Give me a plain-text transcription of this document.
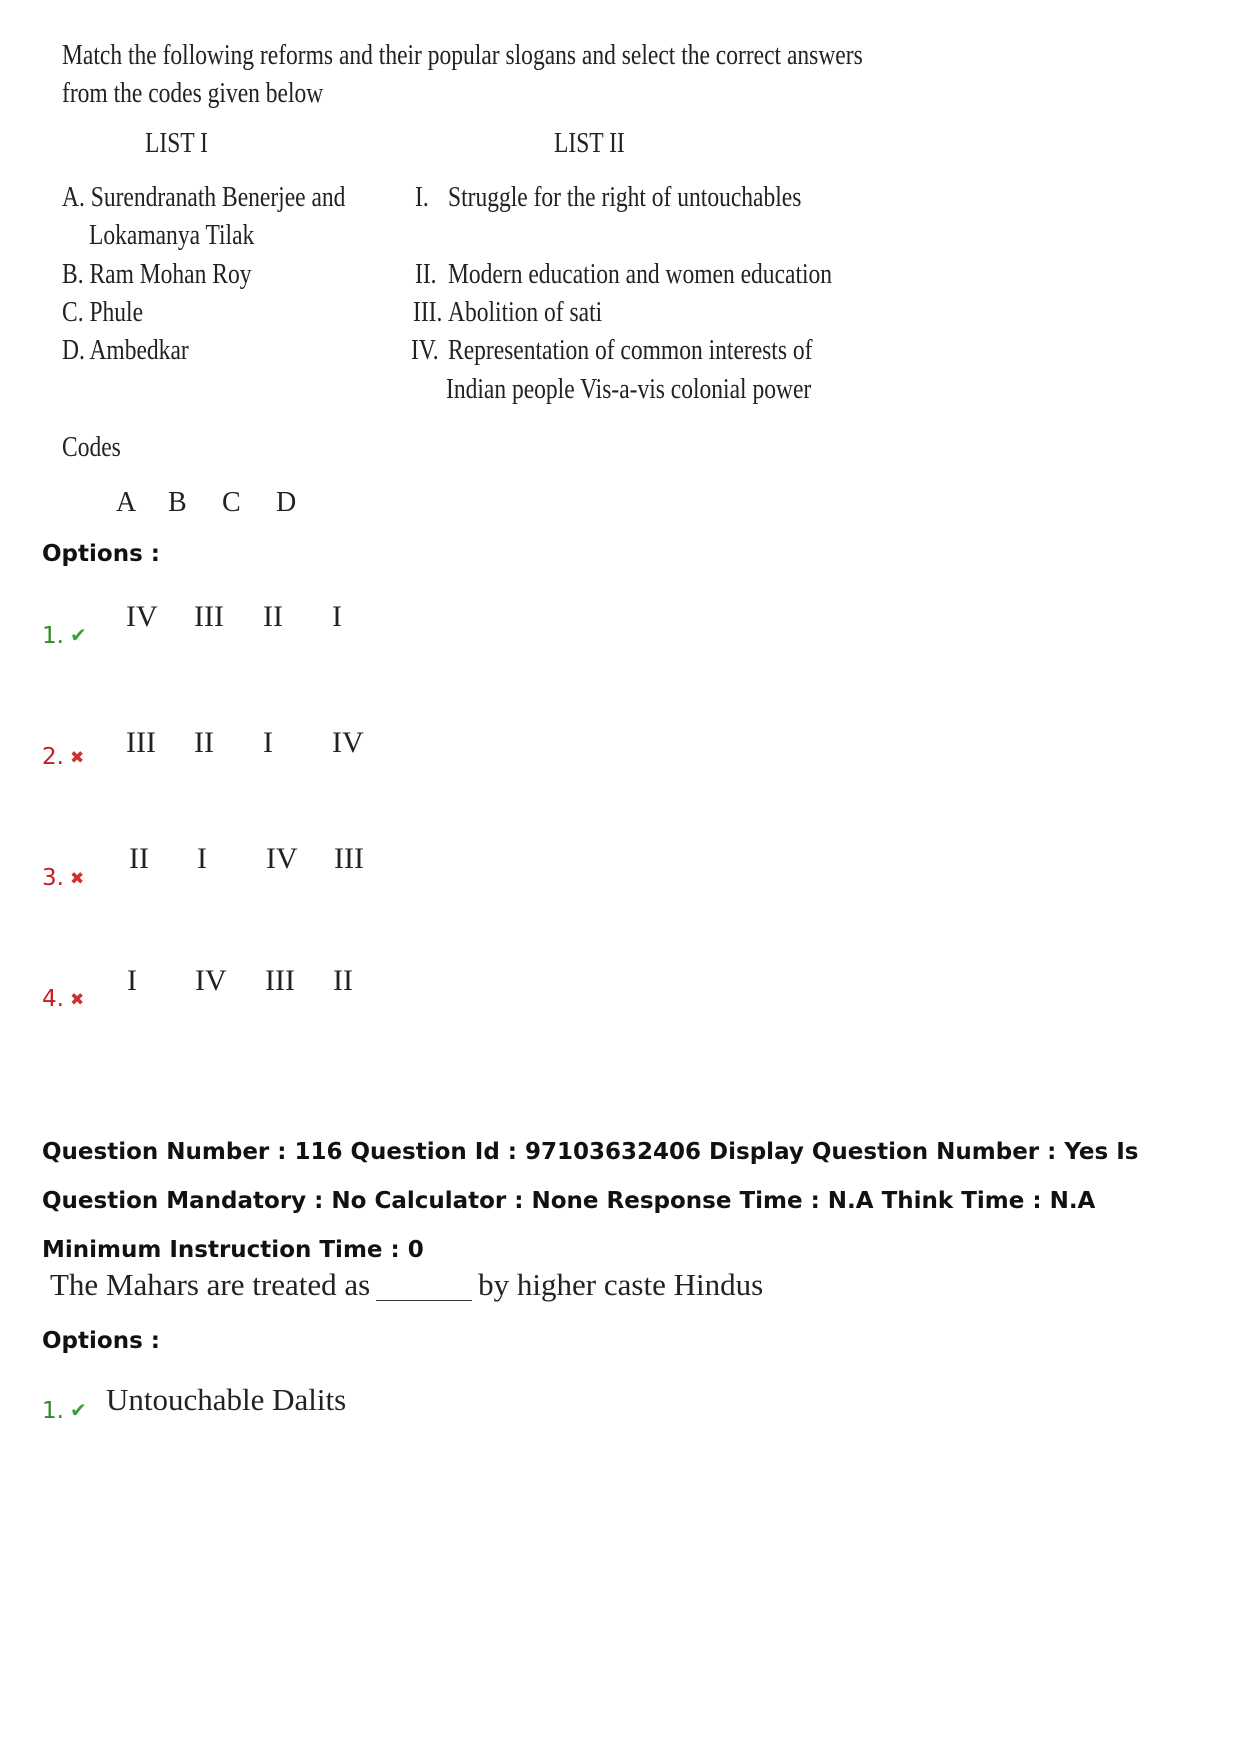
Match the following reforms and their popular slogans and select the correct answers
from the codes given below
LIST I	LIST II
A. Surendranath Benerjee and
Lokamanya Tilak
B. Ram Mohan Roy
C. Phule
D. Ambedkar
I. Struggle for the right of untouchables
II. Modern education and women education
III. Abolition of sati
IV. Representation of common interests of
Indian people Vis-a-vis colonial power
Codes
A B C D
Options :
1. ✔
IV III II I
2. ✖ III II I IV
3. ✖
II I IV III
4. ✖
I IV III II
Question Number : 116 Question Id : 97103632406 Display Question Number : Yes Is Question Mandatory : No Calculator : None Response Time : N.A Think Time : N.A Minimum Instruction Time : 0
The Mahars are treated as	by higher caste Hindus
Options :
1. ✔ Untouchable Dalits
